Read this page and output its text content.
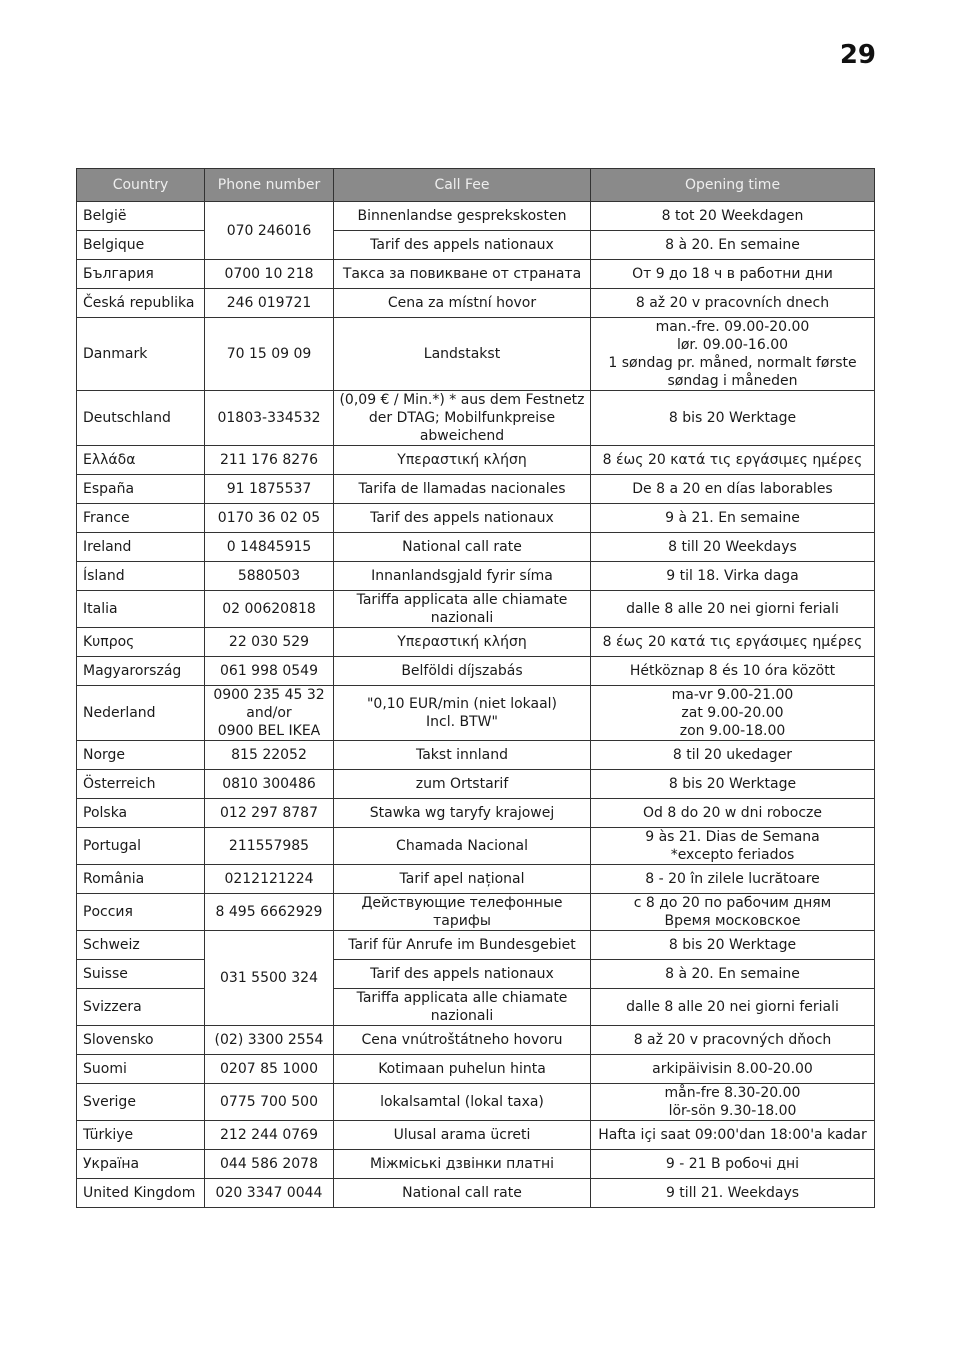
29
Country	Phone number	Call Fee	Opening time
België	070 246016	Binnenlandse gesprekskosten	8 tot 20 Weekdagen
Belgique		Tarif des appels nationaux	8 à 20. En semaine
България	0700 10 218	Такса за повикване от страната	От 9 до 18 ч в работни дни
Česká republika	246 019721	Cena za místní hovor	8 až 20 v pracovních dnech
Danmark	70 15 09 09	Landstakst	man.-fre. 09.00-20.00
lør. 09.00-16.00
1 søndag pr. måned, normalt første
søndag i måneden
Deutschland	01803-334532	(0,09 € / Min.*) * aus dem Festnetz
der DTAG; Mobilfunkpreise
abweichend	8 bis 20 Werktage
Ελλάδα	211 176 8276	Υπεραστική κλήση	8 έως 20 κατά τις εργάσιμες ημέρες
España	91 1875537	Tarifa de llamadas nacionales	De 8 a 20 en días laborables
France	0170 36 02 05	Tarif des appels nationaux	9 à 21. En semaine
Ireland	0 14845915	National call rate	8 till 20 Weekdays
Ísland	5880503	Innanlandsgjald fyrir síma	9 til 18. Virka daga
Italia	02 00620818	Tariffa applicata alle chiamate
nazionali	dalle 8 alle 20 nei giorni feriali
Κυπρος	22 030 529	Υπεραστική κλήση	8 έως 20 κατά τις εργάσιμες ημέρες
Magyarország	061 998 0549	Belföldi díjszabás	Hétköznap 8 és 10 óra között
Nederland	0900 235 45 32
and/or
0900 BEL IKEA	"0,10 EUR/min (niet lokaal)
Incl. BTW"	ma-vr 9.00-21.00
zat 9.00-20.00
zon 9.00-18.00
Norge	815 22052	Takst innland	8 til 20 ukedager
Österreich	0810 300486	zum Ortstarif	8 bis 20 Werktage
Polska	012 297 8787	Stawka wg taryfy krajowej	Od 8 do 20 w dni robocze
Portugal	211557985	Chamada Nacional	9 às 21. Dias de Semana
*excepto feriados
România	0212121224	Tarif apel național	8 - 20 în zilele lucrătoare
Россия	8 495 6662929	Действующие телефонные
тарифы	с 8 до 20 по рабочим дням
Время московское
Schweiz	031 5500 324	Tarif für Anrufe im Bundesgebiet	8 bis 20 Werktage
Suisse		Tarif des appels nationaux	8 à 20. En semaine
Svizzera		Tariffa applicata alle chiamate
nazionali	dalle 8 alle 20 nei giorni feriali
Slovensko	(02) 3300 2554	Cena vnútroštátneho hovoru	8 až 20 v pracovných dňoch
Suomi	0207 85 1000	Kotimaan puhelun hinta	arkipäivisin 8.00-20.00
Sverige	0775 700 500	lokalsamtal (lokal taxa)	mån-fre 8.30-20.00
lör-sön 9.30-18.00
Türkiye	212 244 0769	Ulusal arama ücreti	Hafta içi saat 09:00'dan 18:00'a kadar
Україна	044 586 2078	Міжміські дзвінки платні	9 - 21 В робочі дні
United Kingdom	020 3347 0044	National call rate	9 till 21. Weekdays
